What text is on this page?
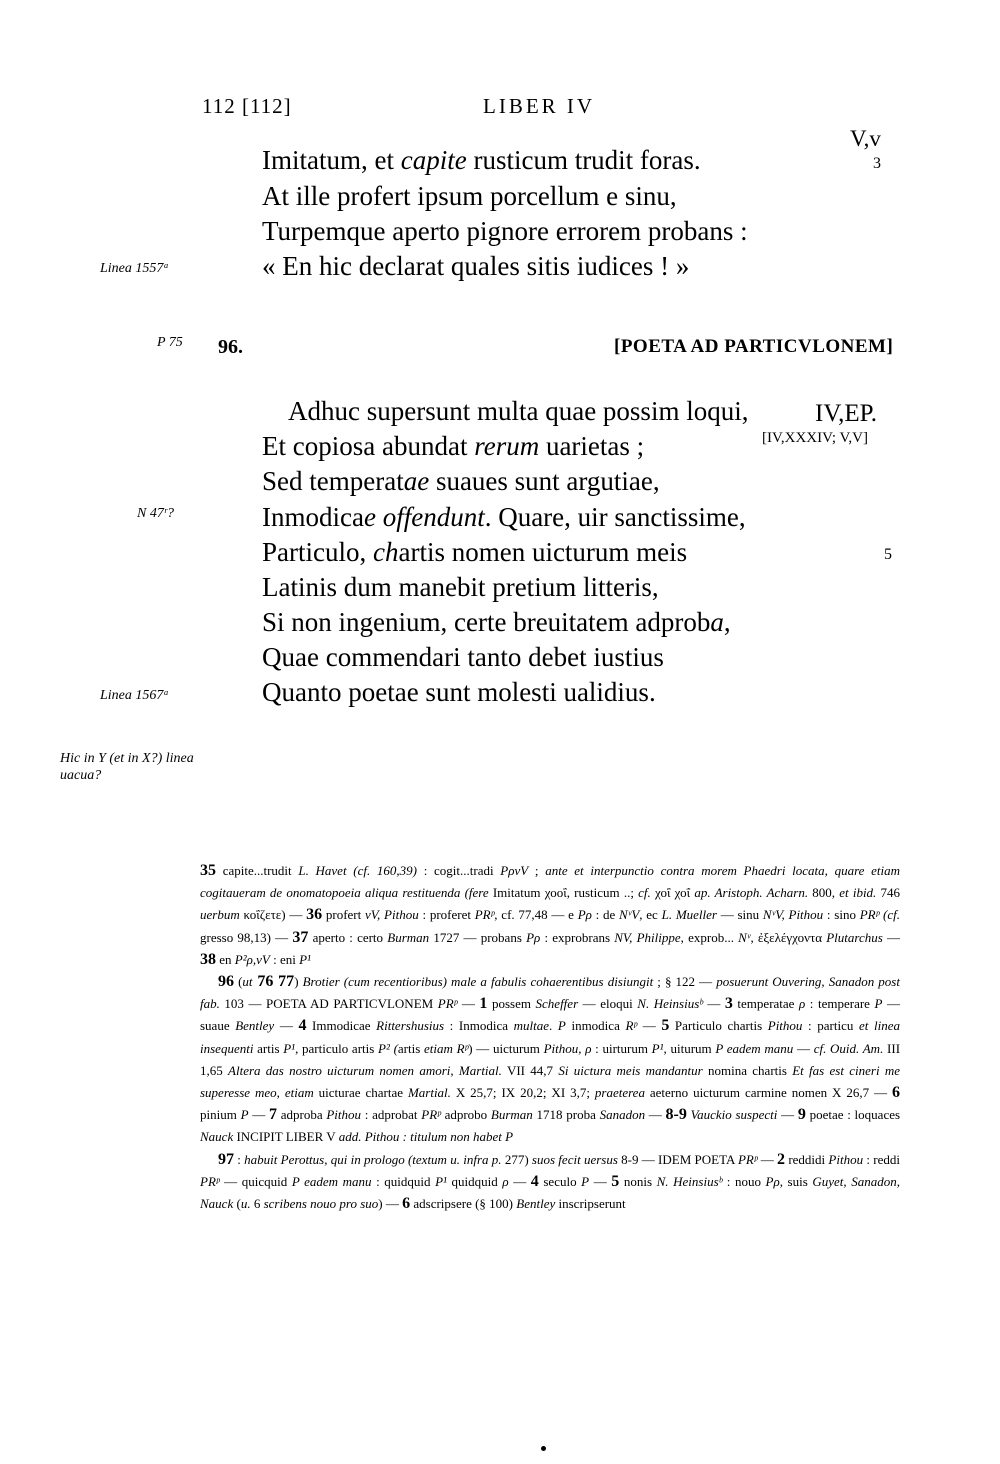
112 [112]	LIBER IV
V,v
Imitatum, et capite rusticum trudit foras.
At ille profert ipsum porcellum e sinu,
Turpemque aperto pignore errorem probans :
« En hic declarat quales sitis iudices ! »
3
Linea 1557ᵃ
P 75 96.	[POETA AD PARTICVLONEM]
Adhuc supersunt multa quae possim loqui,	IV,EP.
Et copiosa abundat rerum uarietas ;	[IV,XXXIV; V,V]
Sed temperatae suaues sunt argutiae,
Inmodicae offendunt. Quare, uir sanctissime,
Particulo, chartis nomen uicturum meis
Latinis dum manebit pretium litteris,
Si non ingenium, certe breuitatem adproba,
Quae commendari tanto debet iustius
Quanto poetae sunt molesti ualidius.
5
N 47ʳ?
Linea 1567ᵃ
Hic in Y (et in X?) linea uacua?

35 capite...trudit L. Havet (cf. 160,39) : cogit...tradi PρνV ; ante et interpunctio contra morem Phaedri locata, quare etiam cogitaueram de onomatopoeia aliqua restituenda (fere Imitatum χοοΐ, rusticum ..; cf. χοΐ χοΐ ap. Aristoph. Acharn. 800, et ibid. 746 uerbum κοΐζετε) — 36 profert νV, Pithou : proferet PRᵖ, cf. 77,48 — e Pρ : de NᵛV, ec L. Mueller — sinu NᵛV, Pithou : sino PRᵖ (cf. gresso 98,13) — 37 aperto : certo Burman 1727 — probans Pρ : exprobrans NV, Philippe, exprob... Nᵛ, ἐξελέγχοντα Plutarchus — 38 en P²ρ,νV : eni P¹

96 (ut 76 77) Brotier (cum recentioribus) male a fabulis cohaerentibus disiungit ; § 122 — posuerunt Ouvering, Sanadon post fab. 103 — POETA AD PARTICVLONEM PRᵖ — 1 possem Scheffer — eloqui N. Heinsiusᵇ — 3 temperatae ρ : temperare P — suaue Bentley — 4 Immodicae Rittershusius : Inmodica multae. P inmodica Rᵖ — 5 Particulo chartis Pithou : particu et linea insequenti artis P¹, particulo artis P² (artis etiam Rᵖ) — uicturum Pithou, ρ : uirturum P¹, uiturum P eadem manu — cf. Ouid. Am. III 1,65 Altera das nostro uicturum nomen amori, Martial. VII 44,7 Si uictura meis mandantur nomina chartis Et fas est cineri me superesse meo, etiam uicturae chartae Martial. X 25,7; IX 20,2; XI 3,7; praeterea aeterno uicturum carmine nomen X 26,7 — 6 pinium P — 7 adproba Pithou : adprobat PRᵖ adprobo Burman 1718 proba Sanadon — 8-9 Vauckio suspecti — 9 poetae : loquaces Nauck INCIPIT LIBER V add. Pithou : titulum non habet P

97 : habuit Perottus, qui in prologo (textum u. infra p. 277) suos fecit uersus 8-9 — IDEM POETA PRᵖ — 2 reddidi Pithou : reddi PRᵖ — quicquid P eadem manu : quidquid P¹ quidquid ρ — 4 seculo P — 5 nonis N. Heinsiusᵇ : nouo Pρ, suis Guyet, Sanadon, Nauck (u. 6 scribens nouo pro suo) — 6 adscripsere (§ 100) Bentley inscripserunt
